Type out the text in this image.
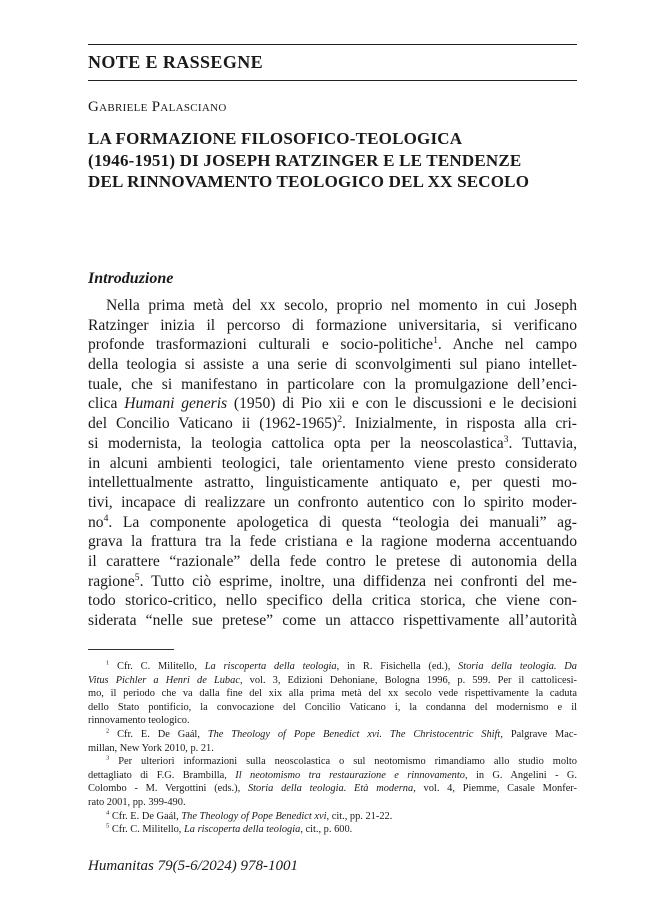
NOTE E RASSEGNE

Gabriele Palasciano

LA FORMAZIONE FILOSOFICO-TEOLOGICA
(1946-1951) DI JOSEPH RATZINGER E LE TENDENZE
DEL RINNOVAMENTO TEOLOGICO DEL XX SECOLO
Introduzione
Nella prima metà del xx secolo, proprio nel momento in cui Joseph
Ratzinger inizia il percorso di formazione universitaria, si verificano
profonde trasformazioni culturali e socio-politiche$^1$. Anche nel campo
della teologia si assiste a una serie di sconvolgimenti sul piano intellet-
tuale, che si manifestano in particolare con la promulgazione dell’enci-
clica Humani generis (1950) di Pio xii e con le discussioni e le decisioni
del Concilio Vaticano ii (1962-1965)$^2$. Inizialmente, in risposta alla cri-
si modernista, la teologia cattolica opta per la neoscolastica$^3$. Tuttavia,
in alcuni ambienti teologici, tale orientamento viene presto considerato
intellettualmente astratto, linguisticamente antiquato e, per questi mo-
tivi, incapace di realizzare un confronto autentico con lo spirito moder-
$no^4$. La componente apologetica di questa “teologia dei manuali” ag-
grava la frattura tra la fede cristiana e la ragione moderna accentuando
il carattere “razionale” della fede contro le pretese di autonomia della
ragione$^5$. Tutto ciò esprime, inoltre, una diffidenza nei confronti del me-
todo storico-critico, nello specifico della critica storica, che viene con-
siderata “nelle sue pretese” come un attacco rispettivamente all’autorità
$^1$ Cfr. C. Militello, La riscoperta della teologia, in R. Fisichella (ed.), Storia della teologia. Da
Vitus Pichler a Henri de Lubac, vol. 3, Edizioni Dehoniane, Bologna 1996, p. 599. Per il cattolicesi-
mo, il periodo che va dalla fine del xix alla prima metà del xx secolo vede rispettivamente la caduta
dello Stato pontificio, la convocazione del Concilio Vaticano i, la condanna del modernismo e il
rinnovamento teologico.
$^2$ Cfr. E. De Gaál, The Theology of Pope Benedict xvi. The Christocentric Shift, Palgrave Mac-
millan, New York 2010, p. 21.
$^3$ Per ulteriori informazioni sulla neoscolastica o sul neotomismo rimandiamo allo studio molto
dettagliato di F.G. Brambilla, Il neotomismo tra restaurazione e rinnovamento, in G. Angelini - G.
Colombo - M. Vergottini (eds.), Storia della teologia. Età moderna, vol. 4, Piemme, Casale Monfer-
rato 2001, pp. 399-490.
$^4$ Cfr. E. De Gaál, The Theology of Pope Benedict xvi, cit., pp. 21-22.
$^5$ Cfr. C. Militello, La riscoperta della teologia, cit., p. 600.

Humanitas 79(5-6/2024) 978-1001
